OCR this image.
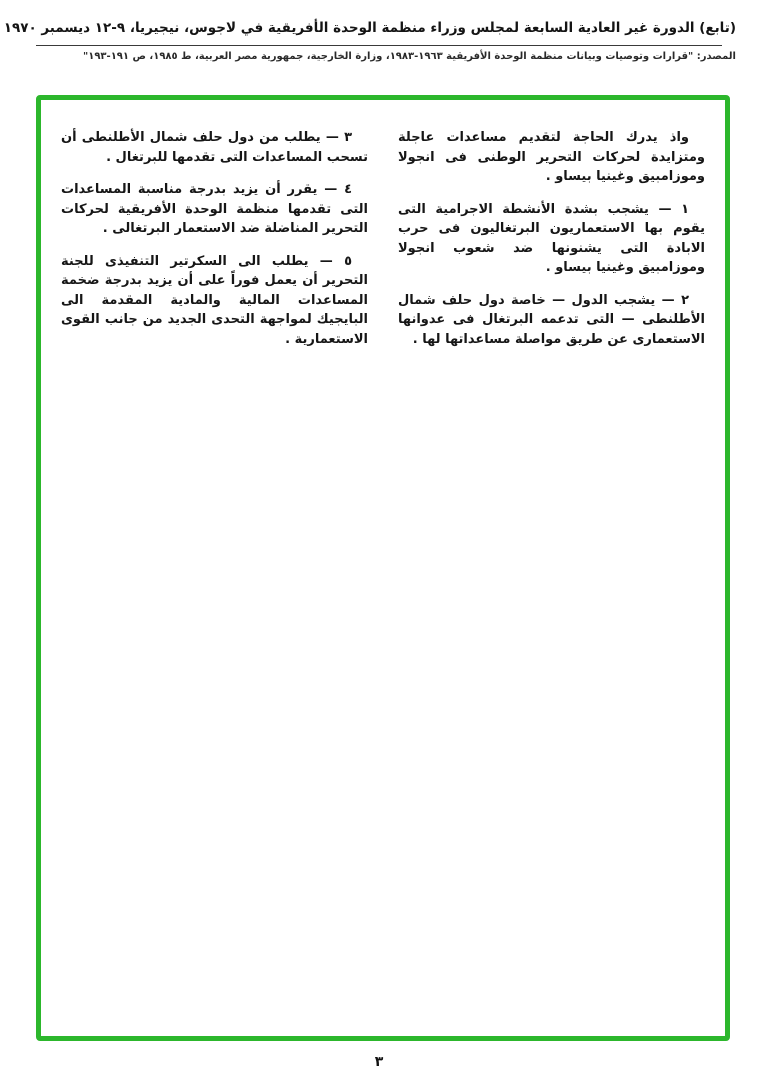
(تابع) الدورة غير العادية السابعة لمجلس وزراء منظمة الوحدة الأفريقية في لاجوس، نيجيريا، ٩-١٢ ديسمبر ١٩٧٠
المصدر: "قرارات وتوصيات وبيانات منظمة الوحدة الأفريقية ١٩٦٣-١٩٨٣، وزارة الخارجية، جمهورية مصر العربية، ط ١٩٨٥، ص ١٩١-١٩٣"

واذ يدرك الحاجة لتقديم مساعدات عاجلة ومتزايدة لحركات التحرير الوطنى فى انجولا وموزامبيق وغينيا بيساو .

١ — يشجب بشدة الأنشطة الاجرامية التى يقوم بها الاستعماريون البرتغاليون فى حرب الابادة التى يشنونها ضد شعوب انجولا وموزامبيق وغينيا بيساو .

٢ — يشجب الدول — خاصة دول حلف شمال الأطلنطى — التى تدعمه البرتغال فى عدوانها الاستعمارى عن طريق مواصلة مساعداتها لها .

٣ — يطلب من دول حلف شمال الأطلنطى أن تسحب المساعدات التى تقدمها للبرتغال .

٤ — يقرر أن يزيد بدرجة مناسبة المساعدات التى تقدمها منظمة الوحدة الأفريقية لحركات التحرير المناضلة ضد الاستعمار البرتغالى .

٥ — يطلب الى السكرتير التنفيذى للجنة التحرير أن يعمل فوراً على أن يزيد بدرجة ضخمة المساعدات المالية والمادية المقدمة الى البايجيك لمواجهة التحدى الجديد من جانب القوى الاستعمارية .

٣
